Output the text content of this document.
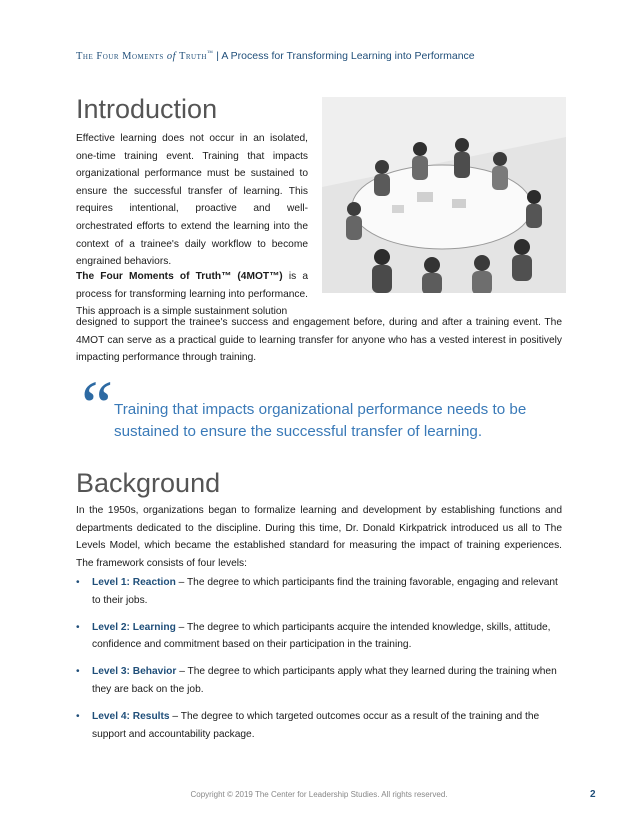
The Four Moments of Truth™ | A Process for Transforming Learning into Performance
Introduction
Effective learning does not occur in an isolated, one-time training event. Training that impacts organizational performance must be sustained to ensure the successful transfer of learning. This requires intentional, proactive and well-orchestrated efforts to extend the learning into the context of a trainee's daily workflow to become engrained behaviors.
The Four Moments of Truth™ (4MOT™) is a process for transforming learning into performance. This approach is a simple sustainment solution
designed to support the trainee's success and engagement before, during and after a training event. The 4MOT can serve as a practical guide to learning transfer for anyone who has a vested interest in positively impacting performance through training.
“ Training that impacts organizational performance needs to be sustained to ensure the successful transfer of learning.
Background
In the 1950s, organizations began to formalize learning and development by establishing functions and departments dedicated to the discipline. During this time, Dr. Donald Kirkpatrick introduced us all to The Levels Model, which became the established standard for measuring the impact of training experiences. The framework consists of four levels:
• Level 1: Reaction – The degree to which participants find the training favorable, engaging and relevant to their jobs.
• Level 2: Learning – The degree to which participants acquire the intended knowledge, skills, attitude, confidence and commitment based on their participation in the training.
• Level 3: Behavior – The degree to which participants apply what they learned during the training when they are back on the job.
• Level 4: Results – The degree to which targeted outcomes occur as a result of the training and the support and accountability package.
Copyright © 2019 The Center for Leadership Studies. All rights reserved.	2
